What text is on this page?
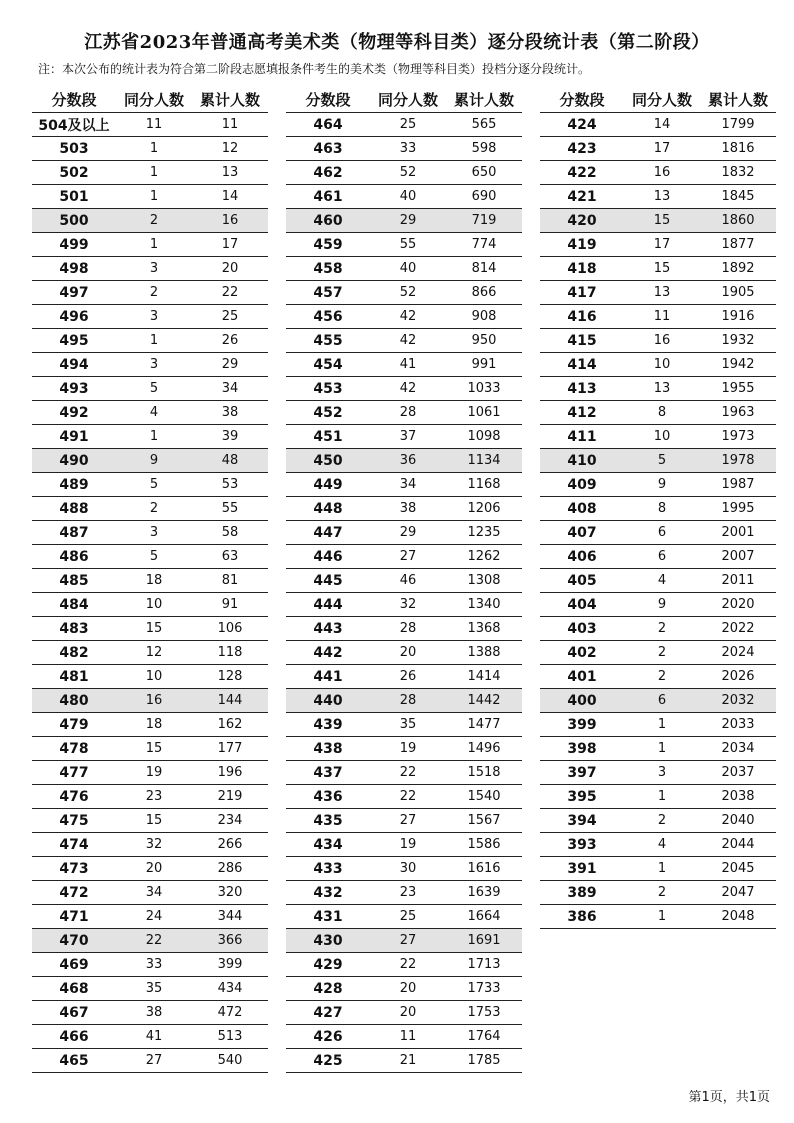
江苏省2023年普通高考美术类（物理等科目类）逐分段统计表（第二阶段）
注：本次公布的统计表为符合第二阶段志愿填报条件考生的美术类（物理等科目类）投档分逐分段统计。
分数段	同分人数	累计人数
504及以上	11	11
503	1	12
502	1	13
501	1	14
500	2	16
499	1	17
498	3	20
497	2	22
496	3	25
495	1	26
494	3	29
493	5	34
492	4	38
491	1	39
490	9	48
489	5	53
488	2	55
487	3	58
486	5	63
485	18	81
484	10	91
483	15	106
482	12	118
481	10	128
480	16	144
479	18	162
478	15	177
477	19	196
476	23	219
475	15	234
474	32	266
473	20	286
472	34	320
471	24	344
470	22	366
469	33	399
468	35	434
467	38	472
466	41	513
465	27	540
分数段	同分人数	累计人数
464	25	565
463	33	598
462	52	650
461	40	690
460	29	719
459	55	774
458	40	814
457	52	866
456	42	908
455	42	950
454	41	991
453	42	1033
452	28	1061
451	37	1098
450	36	1134
449	34	1168
448	38	1206
447	29	1235
446	27	1262
445	46	1308
444	32	1340
443	28	1368
442	20	1388
441	26	1414
440	28	1442
439	35	1477
438	19	1496
437	22	1518
436	22	1540
435	27	1567
434	19	1586
433	30	1616
432	23	1639
431	25	1664
430	27	1691
429	22	1713
428	20	1733
427	20	1753
426	11	1764
425	21	1785
分数段	同分人数	累计人数
424	14	1799
423	17	1816
422	16	1832
421	13	1845
420	15	1860
419	17	1877
418	15	1892
417	13	1905
416	11	1916
415	16	1932
414	10	1942
413	13	1955
412	8	1963
411	10	1973
410	5	1978
409	9	1987
408	8	1995
407	6	2001
406	6	2007
405	4	2011
404	9	2020
403	2	2022
402	2	2024
401	2	2026
400	6	2032
399	1	2033
398	1	2034
397	3	2037
395	1	2038
394	2	2040
393	4	2044
391	1	2045
389	2	2047
386	1	2048
第1页，共1页
